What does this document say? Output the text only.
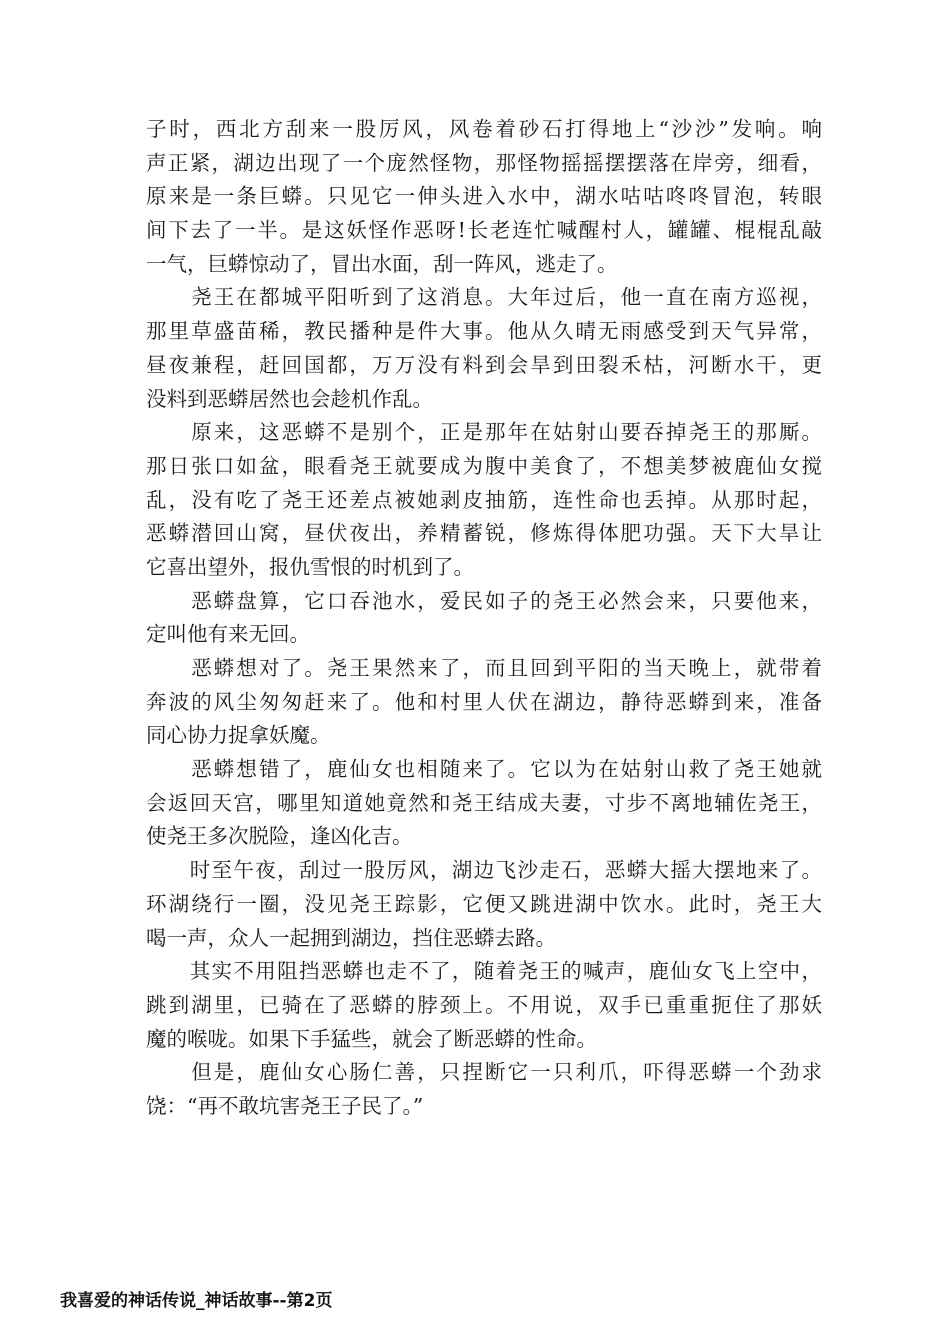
子时，西北方刮来一股厉风，风卷着砂石打得地上“沙沙”发响。响
声正紧，湖边出现了一个庞然怪物，那怪物摇摇摆摆落在岸旁，细看，
原来是一条巨蟒。只见它一伸头进入水中，湖水咕咕咚咚冒泡，转眼
间下去了一半。是这妖怪作恶呀!长老连忙喊醒村人，罐罐、棍棍乱敲
一气，巨蟒惊动了，冒出水面，刮一阵风，逃走了。
　　尧王在都城平阳听到了这消息。大年过后，他一直在南方巡视，
那里草盛苗稀，教民播种是件大事。他从久晴无雨感受到天气异常，
昼夜兼程，赶回国都，万万没有料到会旱到田裂禾枯，河断水干，更
没料到恶蟒居然也会趁机作乱。
　　原来，这恶蟒不是别个，正是那年在姑射山要吞掉尧王的那厮。
那日张口如盆，眼看尧王就要成为腹中美食了，不想美梦被鹿仙女搅
乱，没有吃了尧王还差点被她剥皮抽筋，连性命也丢掉。从那时起，
恶蟒潜回山窝，昼伏夜出，养精蓄锐，修炼得体肥功强。天下大旱让
它喜出望外，报仇雪恨的时机到了。
　　恶蟒盘算，它口吞池水，爱民如子的尧王必然会来，只要他来，
定叫他有来无回。
　　恶蟒想对了。尧王果然来了，而且回到平阳的当天晚上，就带着
奔波的风尘匆匆赶来了。他和村里人伏在湖边，静待恶蟒到来，准备
同心协力捉拿妖魔。
　　恶蟒想错了，鹿仙女也相随来了。它以为在姑射山救了尧王她就
会返回天宫，哪里知道她竟然和尧王结成夫妻，寸步不离地辅佐尧王，
使尧王多次脱险，逢凶化吉。
　　时至午夜，刮过一股厉风，湖边飞沙走石，恶蟒大摇大摆地来了。
环湖绕行一圈，没见尧王踪影，它便又跳进湖中饮水。此时，尧王大
喝一声，众人一起拥到湖边，挡住恶蟒去路。
　　其实不用阻挡恶蟒也走不了，随着尧王的喊声，鹿仙女飞上空中，
跳到湖里，已骑在了恶蟒的脖颈上。不用说，双手已重重扼住了那妖
魔的喉咙。如果下手猛些，就会了断恶蟒的性命。
　　但是，鹿仙女心肠仁善，只捏断它一只利爪，吓得恶蟒一个劲求
饶：“再不敢坑害尧王子民了。”
我喜爱的神话传说_神话故事--第2页
